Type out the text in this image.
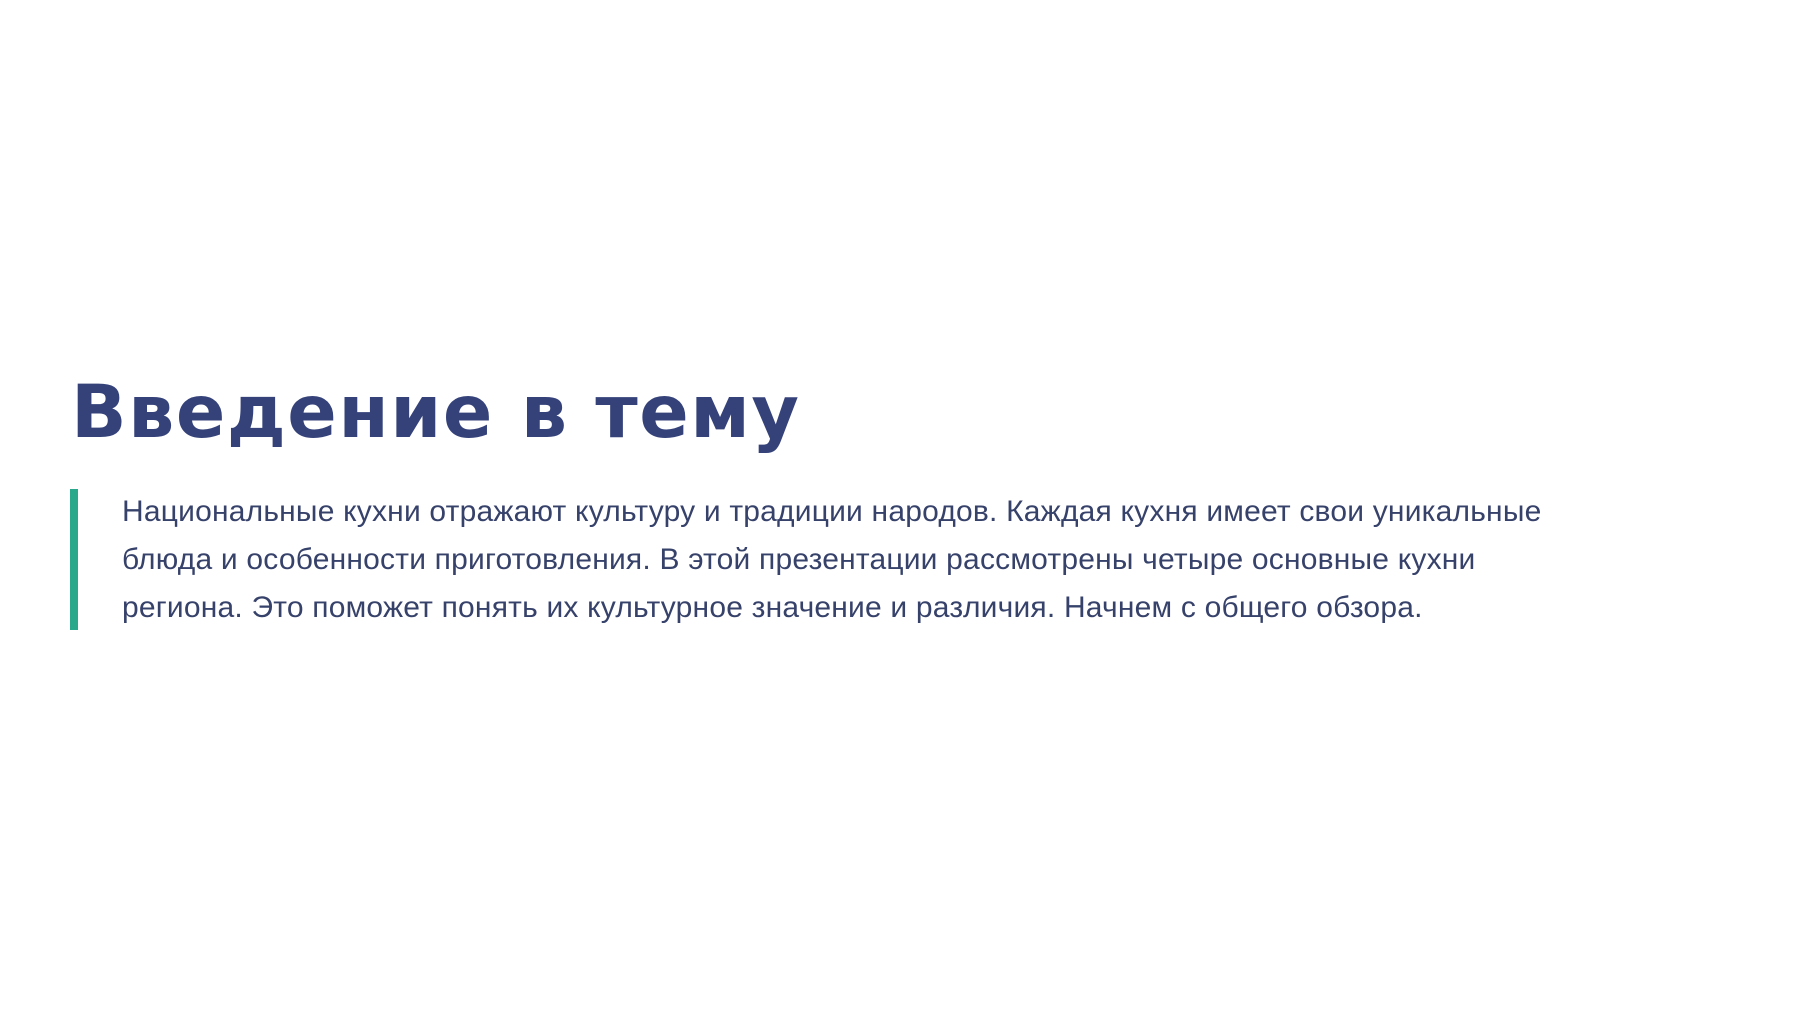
Введение в тему
Национальные кухни отражают культуру и традиции народов. Каждая кухня имеет свои уникальные
блюда и особенности приготовления. В этой презентации рассмотрены четыре основные кухни
региона. Это поможет понять их культурное значение и различия. Начнем с общего обзора.
